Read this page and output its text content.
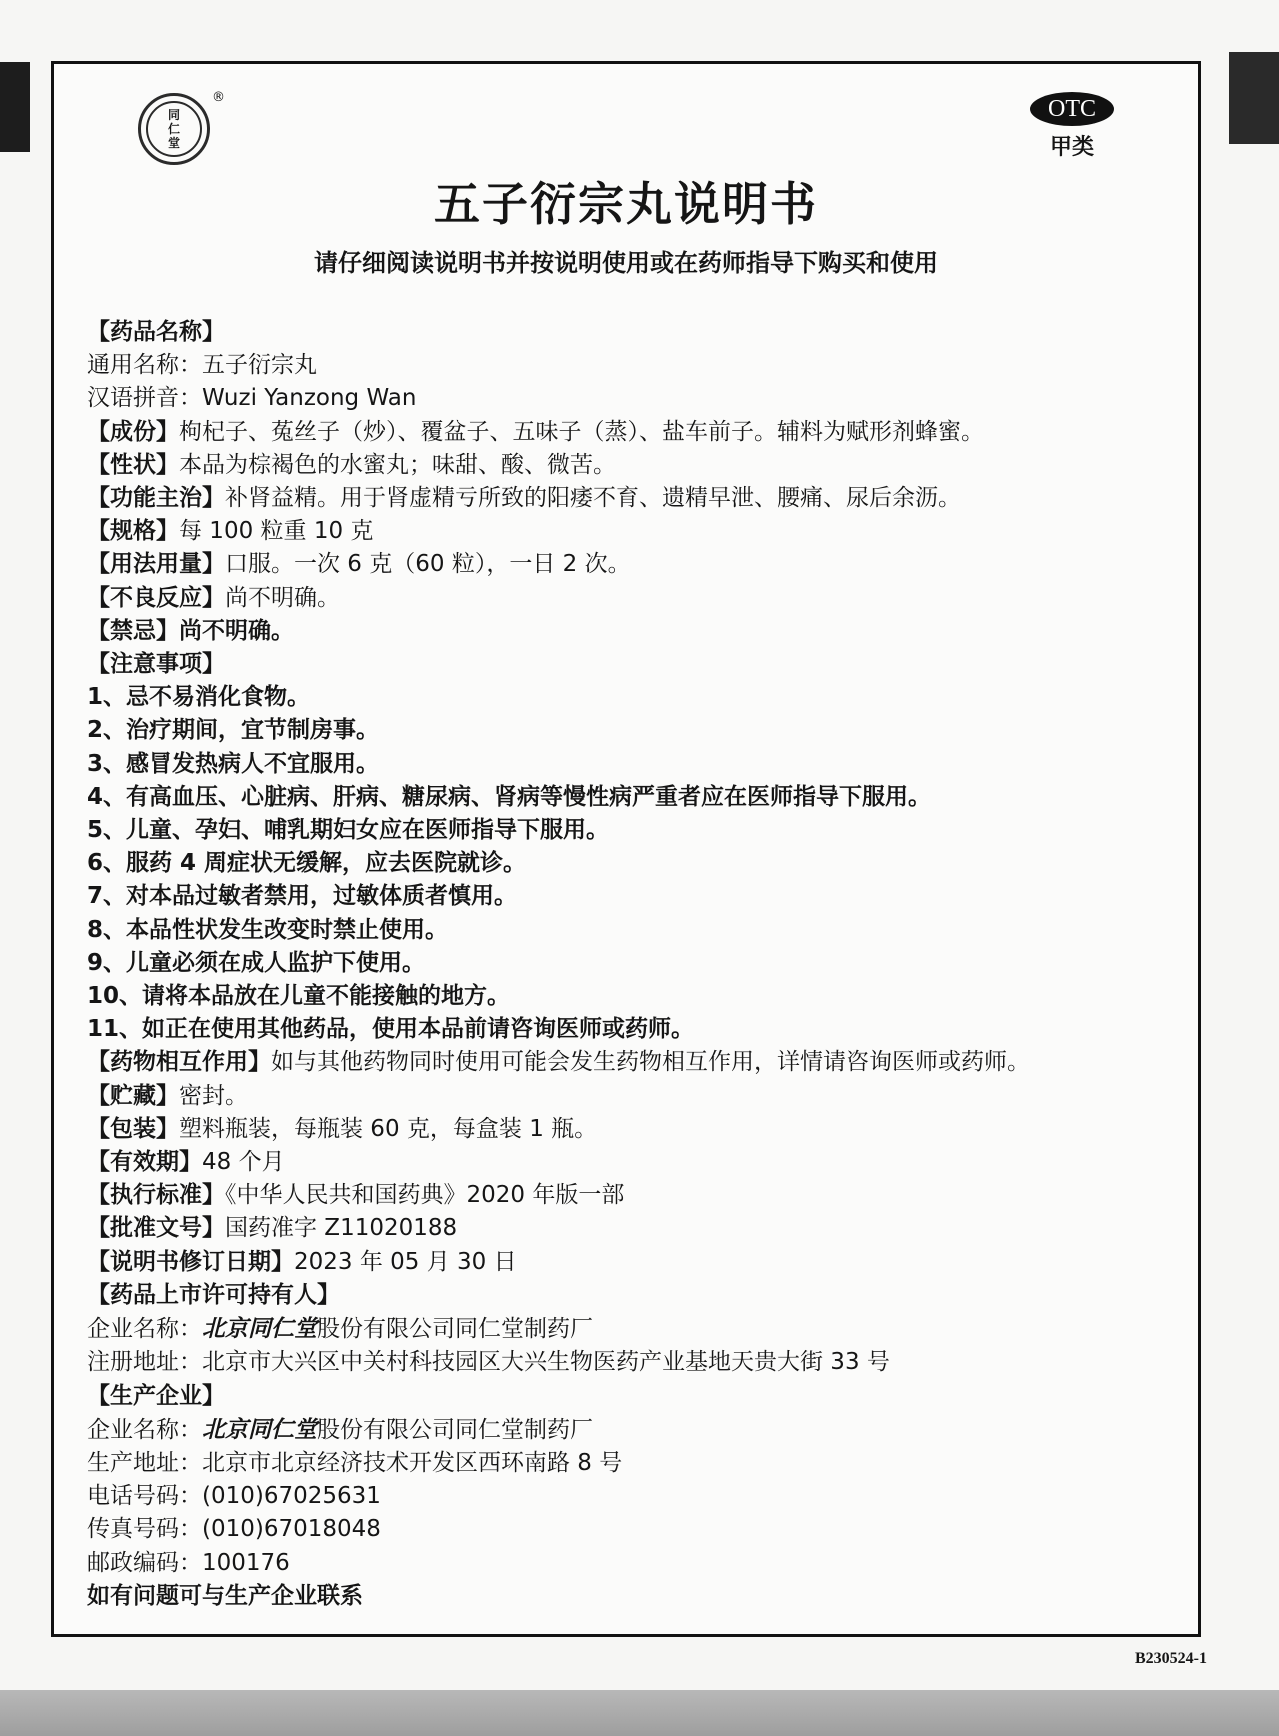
同
仁
堂
®	OTC
甲类
五子衍宗丸说明书
请仔细阅读说明书并按说明使用或在药师指导下购买和使用
【药品名称】
通用名称：五子衍宗丸
汉语拼音：Wuzi Yanzong Wan
【成份】枸杞子、菟丝子（炒）、覆盆子、五味子（蒸）、盐车前子。辅料为赋形剂蜂蜜。
【性状】本品为棕褐色的水蜜丸；味甜、酸、微苦。
【功能主治】补肾益精。用于肾虚精亏所致的阳痿不育、遗精早泄、腰痛、尿后余沥。
【规格】每 100 粒重 10 克
【用法用量】口服。一次 6 克（60 粒），一日 2 次。
【不良反应】尚不明确。
【禁忌】尚不明确。
【注意事项】
1、忌不易消化食物。
2、治疗期间，宜节制房事。
3、感冒发热病人不宜服用。
4、有高血压、心脏病、肝病、糖尿病、肾病等慢性病严重者应在医师指导下服用。
5、儿童、孕妇、哺乳期妇女应在医师指导下服用。
6、服药 4 周症状无缓解，应去医院就诊。
7、对本品过敏者禁用，过敏体质者慎用。
8、本品性状发生改变时禁止使用。
9、儿童必须在成人监护下使用。
10、请将本品放在儿童不能接触的地方。
11、如正在使用其他药品，使用本品前请咨询医师或药师。
【药物相互作用】如与其他药物同时使用可能会发生药物相互作用，详情请咨询医师或药师。
【贮藏】密封。
【包装】塑料瓶装，每瓶装 60 克，每盒装 1 瓶。
【有效期】48 个月
【执行标准】《中华人民共和国药典》2020 年版一部
【批准文号】国药准字 Z11020188
【说明书修订日期】2023 年 05 月 30 日
【药品上市许可持有人】
企业名称：北京同仁堂股份有限公司同仁堂制药厂
注册地址：北京市大兴区中关村科技园区大兴生物医药产业基地天贵大街 33 号
【生产企业】
企业名称：北京同仁堂股份有限公司同仁堂制药厂
生产地址：北京市北京经济技术开发区西环南路 8 号
电话号码：(010)67025631
传真号码：(010)67018048
邮政编码：100176
如有问题可与生产企业联系
B230524-1
